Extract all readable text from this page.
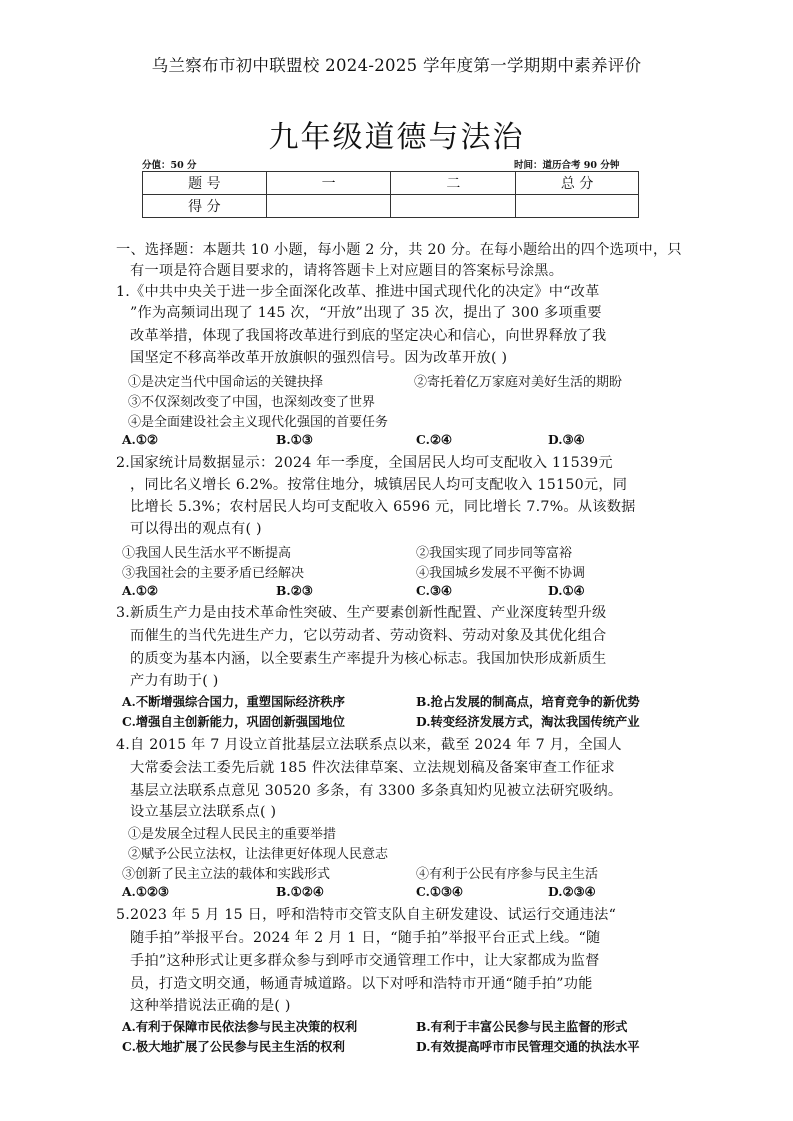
乌兰察布市初中联盟校 2024-2025 学年度第一学期期中素养评价
九年级道德与法治
分值：50 分	时间：道历合考 90 分钟
题 号	一	二	总 分
得 分			
一、选择题：本题共 10 小题，每小题 2 分，共 20 分。在每小题给出的四个选项中，只
有一项是符合题目要求的，请将答题卡上对应题目的答案标号涂黑。
1.《中共中央关于进一步全面深化改革、推进中国式现代化的决定》中“改革
”作为高频词出现了 145 次，“开放”出现了 35 次，提出了 300 多项重要
改革举措，体现了我国将改革进行到底的坚定决心和信心，向世界释放了我
国坚定不移高举改革开放旗帜的强烈信号。因为改革开放( )
①是决定当代中国命运的关键抉择	②寄托着亿万家庭对美好生活的期盼
③不仅深刻改变了中国，也深刻改变了世界
④是全面建设社会主义现代化强国的首要任务
A.①②	B.①③	C.②④	D.③④
2.国家统计局数据显示：2024 年一季度，全国居民人均可支配收入 11539元
，同比名义增长 6.2%。按常住地分，城镇居民人均可支配收入 15150元，同
比增长 5.3%；农村居民人均可支配收入 6596 元，同比增长 7.7%。从该数据
可以得出的观点有( )
①我国人民生活水平不断提高	②我国实现了同步同等富裕
③我国社会的主要矛盾已经解决	④我国城乡发展不平衡不协调
A.①②	B.②③	C.③④	D.①④
3.新质生产力是由技术革命性突破、生产要素创新性配置、产业深度转型升级
而催生的当代先进生产力，它以劳动者、劳动资料、劳动对象及其优化组合
的质变为基本内涵，以全要素生产率提升为核心标志。我国加快形成新质生
产力有助于( )
A.不断增强综合国力，重塑国际经济秩序	B.抢占发展的制高点，培育竞争的新优势
C.增强自主创新能力，巩固创新强国地位	D.转变经济发展方式，淘汰我国传统产业
4.自 2015 年 7 月设立首批基层立法联系点以来，截至 2024 年 7 月，全国人
大常委会法工委先后就 185 件次法律草案、立法规划稿及备案审查工作征求
基层立法联系点意见 30520 多条，有 3300 多条真知灼见被立法研究吸纳。
设立基层立法联系点( )
①是发展全过程人民民主的重要举措
②赋予公民立法权，让法律更好体现人民意志
③创新了民主立法的载体和实践形式	④有利于公民有序参与民主生活
A.①②③	B.①②④	C.①③④	D.②③④
5.2023 年 5 月 15 日，呼和浩特市交管支队自主研发建设、试运行交通违法“
随手拍”举报平台。2024 年 2 月 1 日，“随手拍”举报平台正式上线。“随
手拍”这种形式让更多群众参与到呼市交通管理工作中，让大家都成为监督
员，打造文明交通，畅通青城道路。以下对呼和浩特市开通“随手拍”功能
这种举措说法正确的是( )
A.有利于保障市民依法参与民主决策的权利	B.有利于丰富公民参与民主监督的形式
C.极大地扩展了公民参与民主生活的权利	D.有效提高呼市市民管理交通的执法水平
